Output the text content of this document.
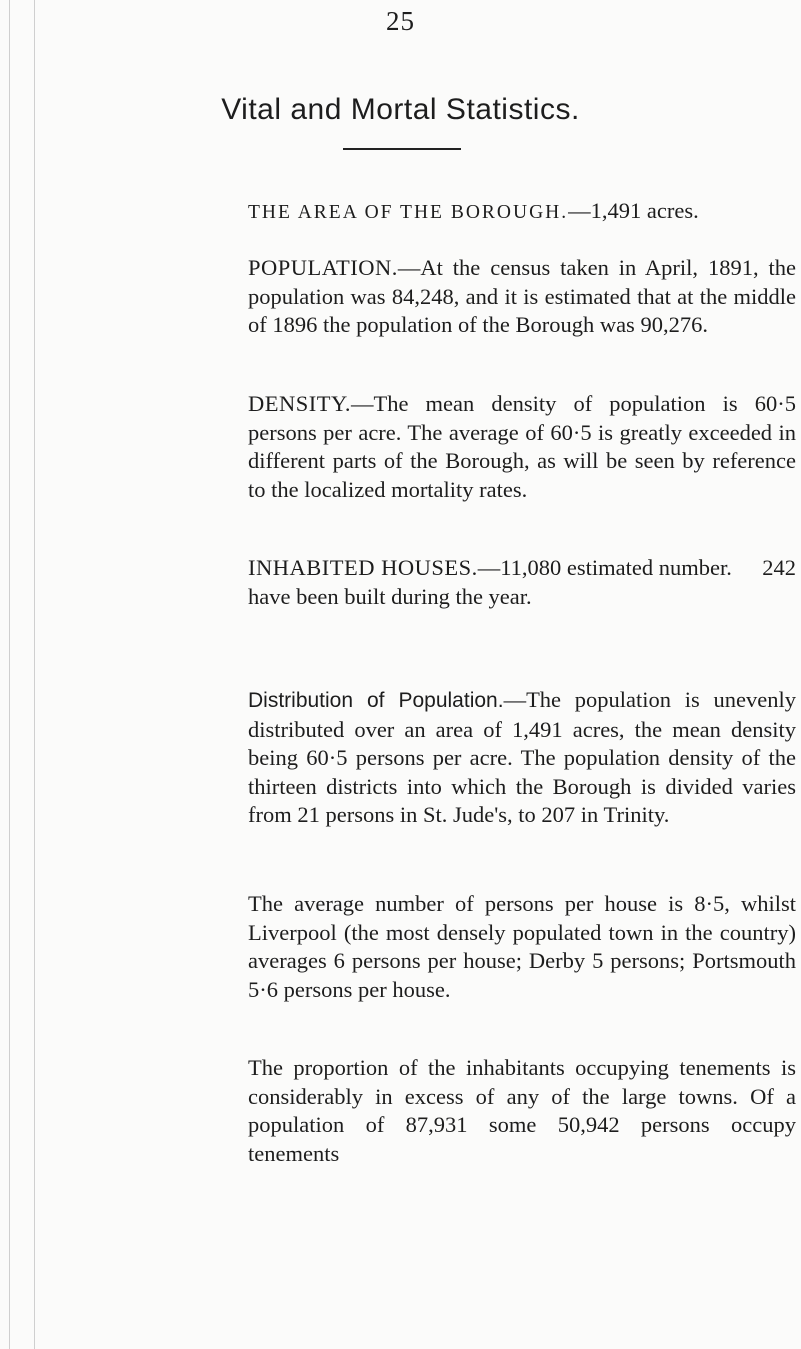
25
Vital and Mortal Statistics.
THE AREA OF THE BOROUGH.—1,491 acres.

POPULATION.—At the census taken in April, 1891, the population was 84,248, and it is estimated that at the middle of 1896 the population of the Borough was 90,276.

DENSITY.—The mean density of population is 60·5 persons per acre. The average of 60·5 is greatly exceeded in different parts of the Borough, as will be seen by reference to the localized mortality rates.

INHABITED HOUSES.—11,080 estimated number. 242

have been built during the year.

Distribution of Population.—The population is unevenly distributed over an area of 1,491 acres, the mean density being 60·5 persons per acre. The population density of the thirteen districts into which the Borough is divided varies from 21 persons in St. Jude's, to 207 in Trinity.

The average number of persons per house is 8·5, whilst Liverpool (the most densely populated town in the country) averages 6 persons per house; Derby 5 persons; Portsmouth 5·6 persons per house.

The proportion of the inhabitants occupying tenements is considerably in excess of any of the large towns. Of a population of 87,931 some 50,942 persons occupy tenements
